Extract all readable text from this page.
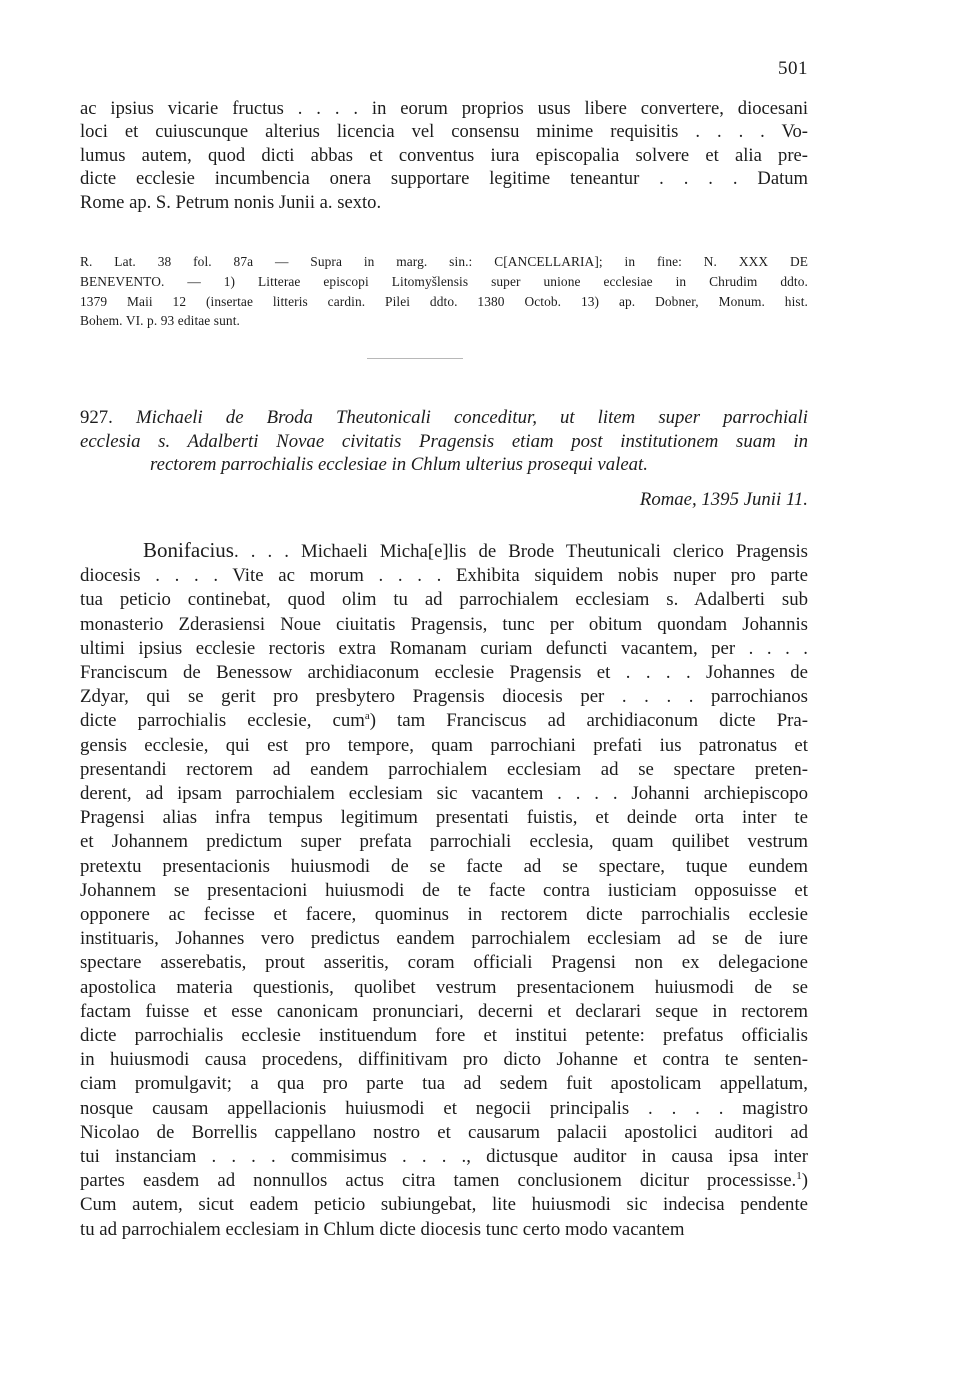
501
ac ipsius vicarie fructus . . . . in eorum proprios usus libere convertere, diocesani
loci et cuiuscunque alterius licencia vel consensu minime requisitis . . . . Vo-
lumus autem, quod dicti abbas et conventus iura episcopalia solvere et alia pre-
dicte ecclesie incumbencia onera supportare legitime teneantur . . . . Datum
Rome ap. S. Petrum nonis Junii a. sexto.
R. Lat. 38 fol. 87a — Supra in marg. sin.: C[ANCELLARIA]; in fine: N. XXX DE
BENEVENTO. — 1) Litterae episcopi Litomyšlensis super unione ecclesiae in Chrudim ddto.
1379 Maii 12 (insertae litteris cardin. Pilei ddto. 1380 Octob. 13) ap. Dobner, Monum. hist.
Bohem. VI. p. 93 editae sunt.
927. Michaeli de Broda Theutonicali conceditur, ut litem super parrochiali
ecclesia s. Adalberti Novae civitatis Pragensis etiam post institutionem suam in
rectorem parrochialis ecclesiae in Chlum ulterius prosequi valeat.
Romae, 1395 Junii 11.
Bonifacius. . . . Michaeli Micha[e]lis de Brode Theutunicali clerico Pragensis
diocesis . . . . Vite ac morum . . . . Exhibita siquidem nobis nuper pro parte
tua peticio continebat, quod olim tu ad parrochialem ecclesiam s. Adalberti sub
monasterio Zderasiensi Noue ciuitatis Pragensis, tunc per obitum quondam Johannis
ultimi ipsius ecclesie rectoris extra Romanam curiam defuncti vacantem, per . . . .
Franciscum de Benessow archidiaconum ecclesie Pragensis et . . . . Johannes de
Zdyar, qui se gerit pro presbytero Pragensis diocesis per . . . . parrochianos
dicte parrochialis ecclesie, cum$^a$) tam Franciscus ad archidiaconum dicte Pra-
gensis ecclesie, qui est pro tempore, quam parrochiani prefati ius patronatus et
presentandi rectorem ad eandem parrochialem ecclesiam ad se spectare preten-
derent, ad ipsam parrochialem ecclesiam sic vacantem . . . . Johanni archiepiscopo
Pragensi alias infra tempus legitimum presentati fuistis, et deinde orta inter te
et Johannem predictum super prefata parrochiali ecclesia, quam quilibet vestrum
pretextu presentacionis huiusmodi de se facte ad se spectare, tuque eundem
Johannem se presentacioni huiusmodi de te facte contra iusticiam opposuisse et
opponere ac fecisse et facere, quominus in rectorem dicte parrochialis ecclesie
instituaris, Johannes vero predictus eandem parrochialem ecclesiam ad se de iure
spectare asserebatis, prout asseritis, coram officiali Pragensi non ex delegacione
apostolica materia questionis, quolibet vestrum presentacionem huiusmodi de se
factam fuisse et esse canonicam pronunciari, decerni et declarari seque in rectorem
dicte parrochialis ecclesie instituendum fore et institui petente: prefatus officialis
in huiusmodi causa procedens, diffinitivam pro dicto Johanne et contra te senten-
ciam promulgavit; a qua pro parte tua ad sedem fuit apostolicam appellatum,
nosque causam appellacionis huiusmodi et negocii principalis . . . . magistro
Nicolao de Borrellis cappellano nostro et causarum palacii apostolici auditori ad
tui instanciam . . . . commisimus . . . ., dictusque auditor in causa ipsa inter
partes easdem ad nonnullos actus citra tamen conclusionem dicitur processisse.$^1$)
Cum autem, sicut eadem peticio subiungebat, lite huiusmodi sic indecisa pendente
tu ad parrochialem ecclesiam in Chlum dicte diocesis tunc certo modo vacantem
